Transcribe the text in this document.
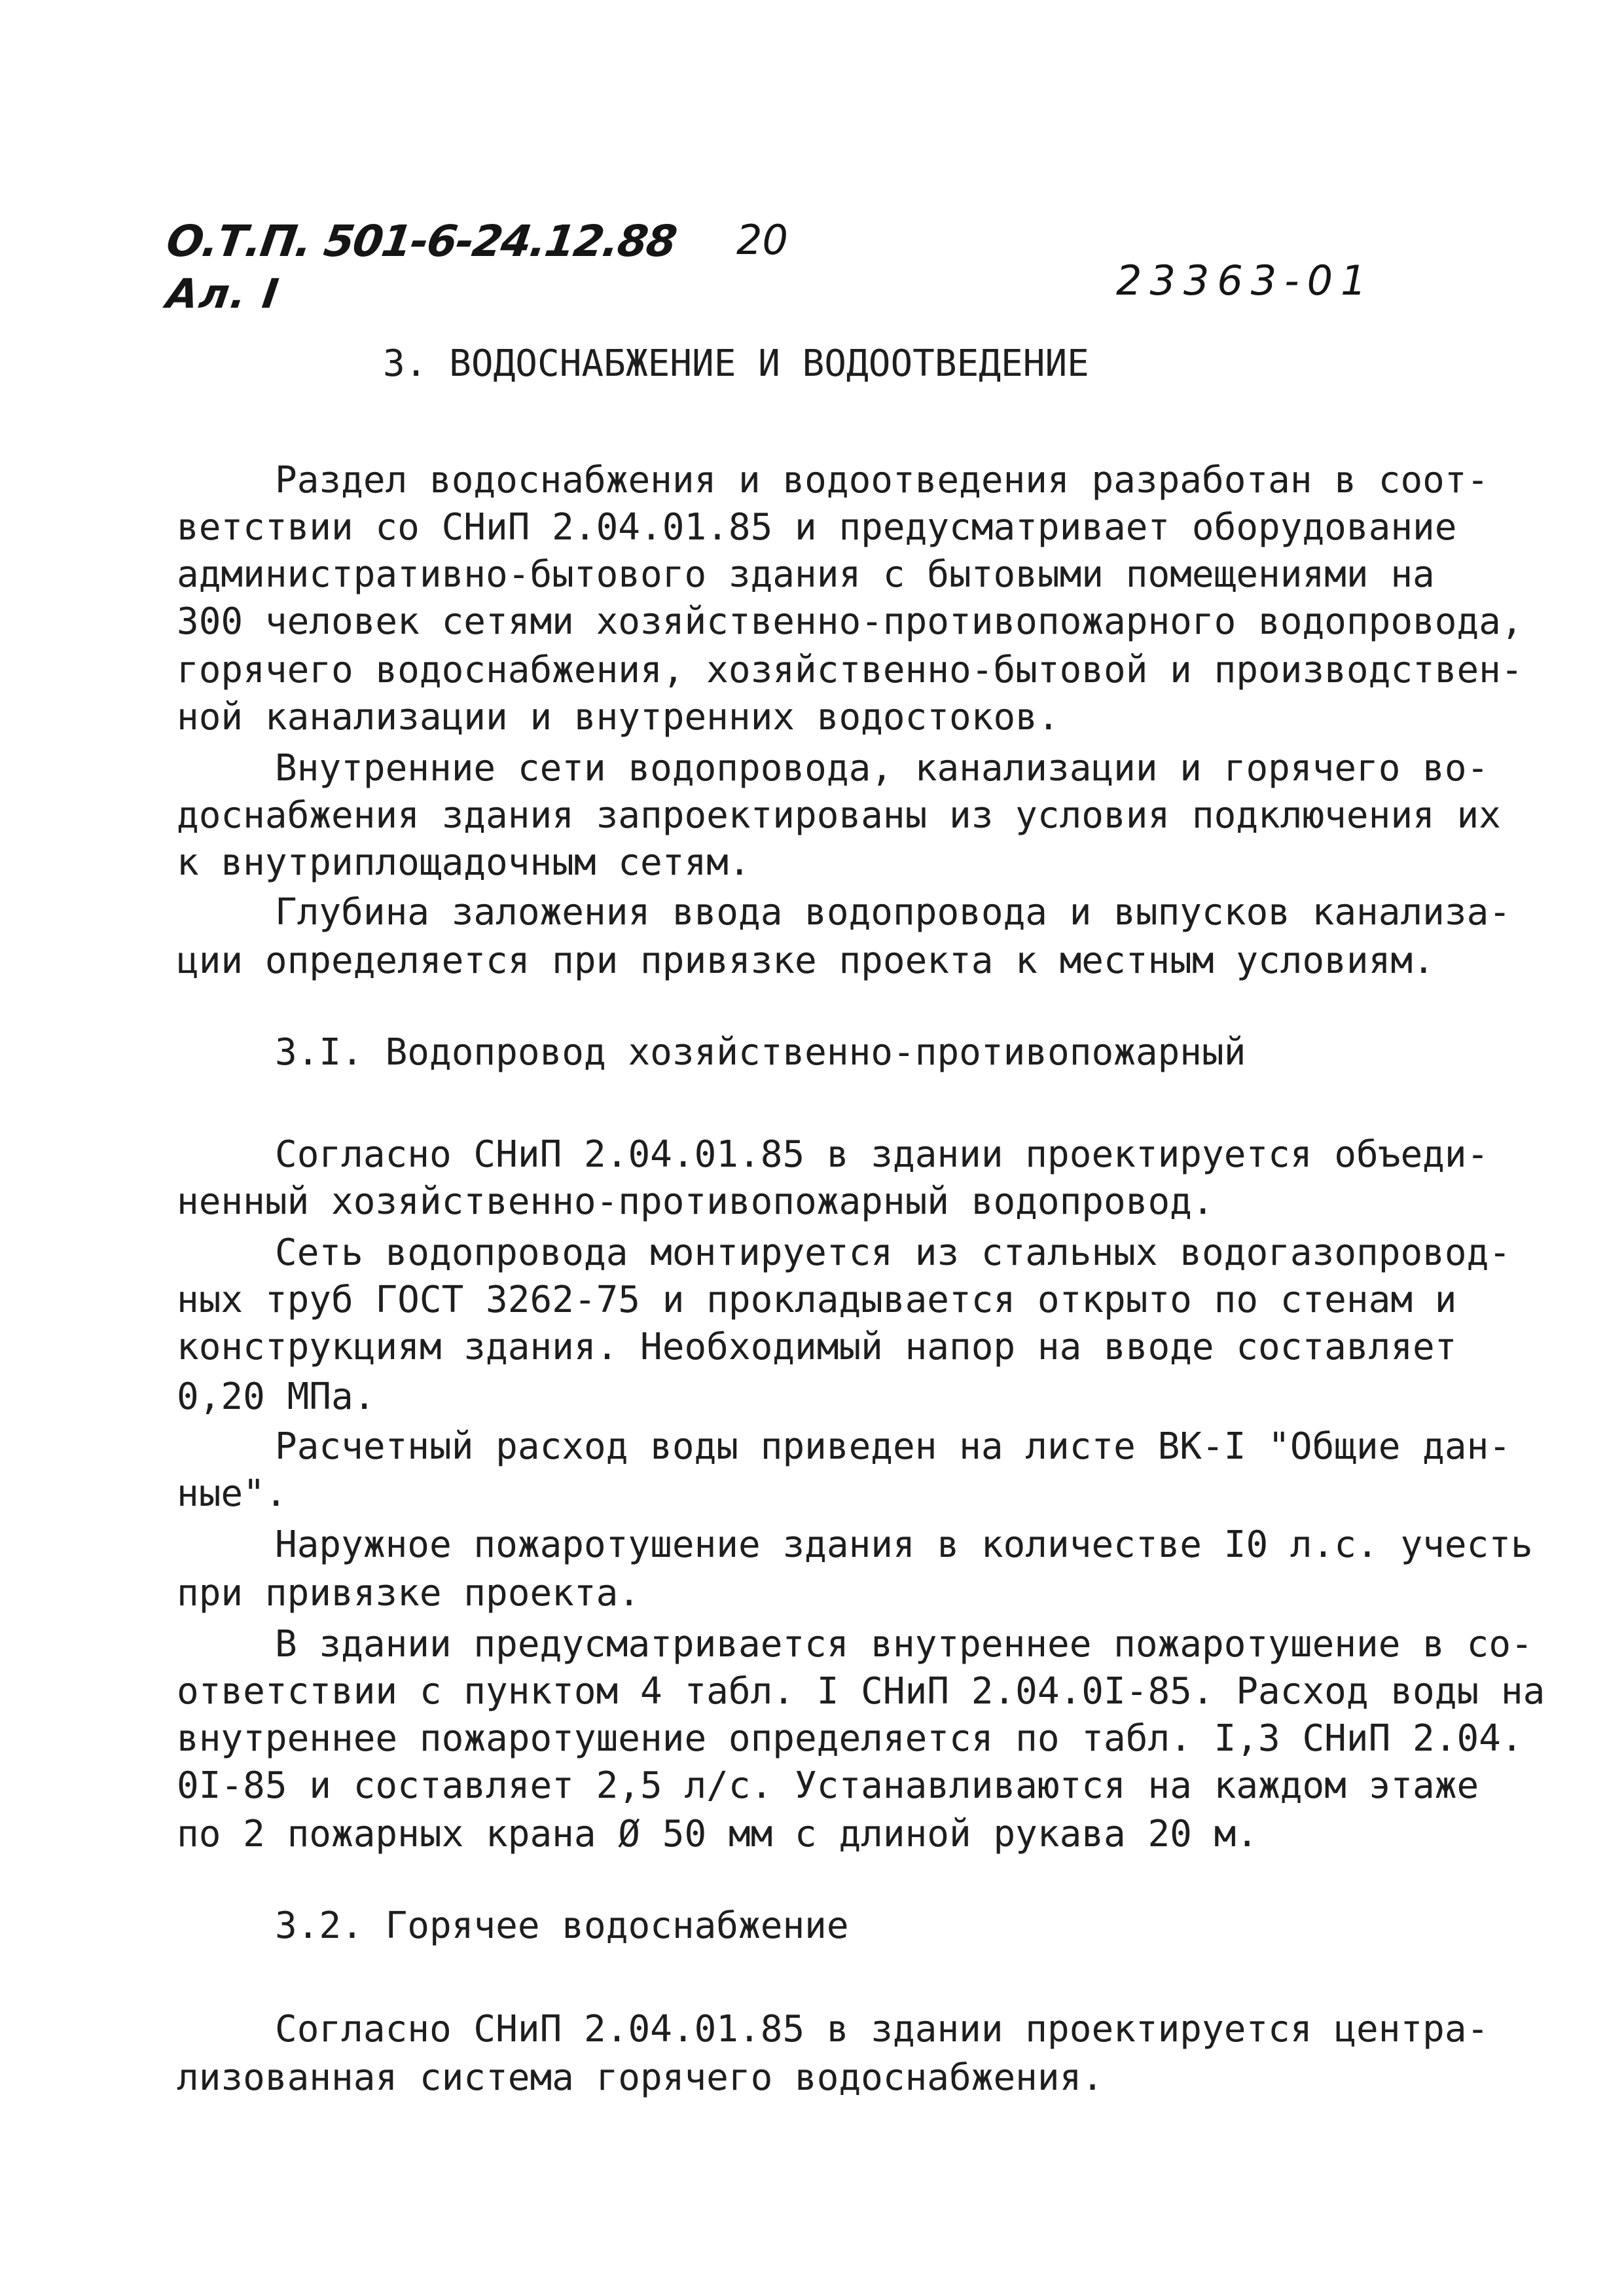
О.Т.П. 501-6-24.12.88
Ал. I
20
23363-01
3. ВОДОСНАБЖЕНИЕ И ВОДООТВЕДЕНИЕ
Раздел водоснабжения и водоотведения разработан в соот-
ветствии со СНиП 2.04.01.85 и предусматривает оборудование
административно-бытового здания с бытовыми помещениями на
300 человек сетями хозяйственно-противопожарного водопровода,
горячего водоснабжения, хозяйственно-бытовой и производствен-
ной канализации и внутренних водостоков.
Внутренние сети водопровода, канализации и горячего во-
доснабжения здания запроектированы из условия подключения их
к внутриплощадочным сетям.
Глубина заложения ввода водопровода и выпусков канализа-
ции определяется при привязке проекта к местным условиям.
3.I. Водопровод хозяйственно-противопожарный
Согласно СНиП 2.04.01.85 в здании проектируется объеди-
ненный хозяйственно-противопожарный водопровод.
Сеть водопровода монтируется из стальных водогазопровод-
ных труб ГОСТ 3262-75 и прокладывается открыто по стенам и
конструкциям здания. Необходимый напор на вводе составляет
0,20 МПа.
Расчетный расход воды приведен на листе ВК-I "Общие дан-
ные".
Наружное пожаротушение здания в количестве I0 л.с. учесть
при привязке проекта.
В здании предусматривается внутреннее пожаротушение в со-
ответствии с пунктом 4 табл. I СНиП 2.04.0I-85. Расход воды на
внутреннее пожаротушение определяется по табл. I,3 СНиП 2.04.
0I-85 и составляет 2,5 л/с. Устанавливаются на каждом этаже
по 2 пожарных крана Ø 50 мм с длиной рукава 20 м.
3.2. Горячее водоснабжение
Согласно СНиП 2.04.01.85 в здании проектируется центра-
лизованная система горячего водоснабжения.
